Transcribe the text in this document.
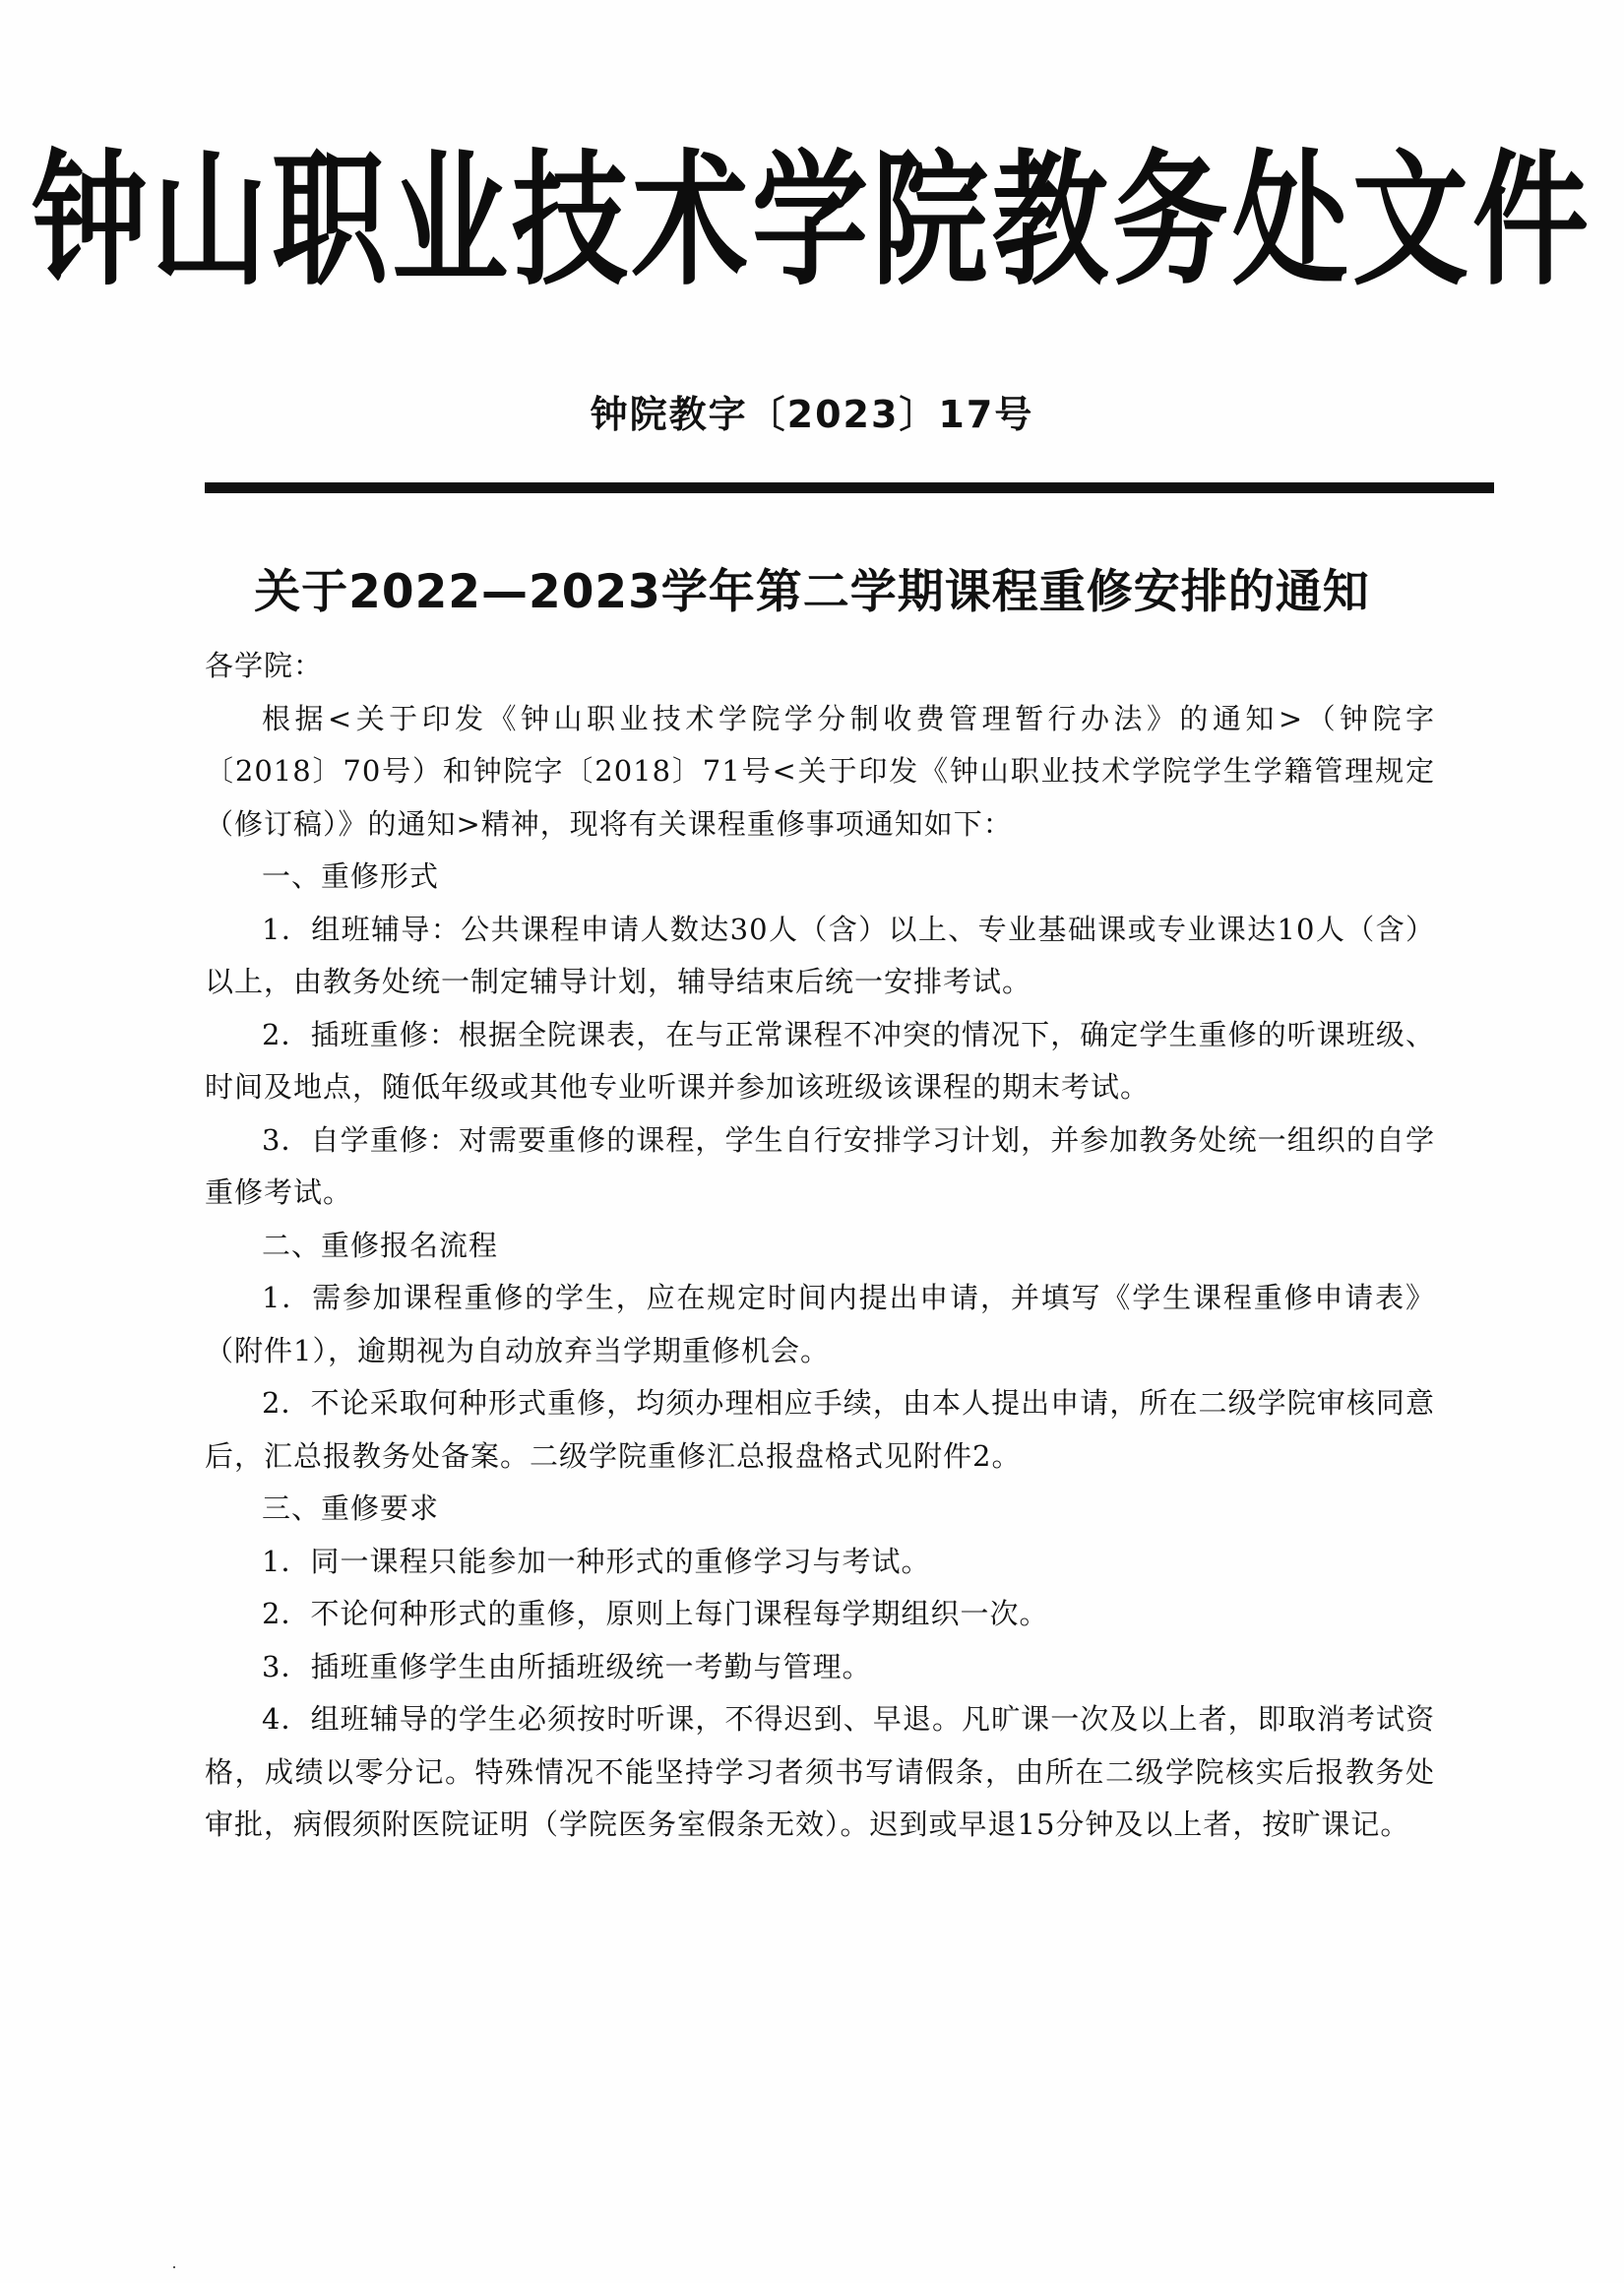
钟山职业技术学院教务处文件
钟院教字〔2023〕17号
关于2022—2023学年第二学期课程重修安排的通知

各学院：

根据<关于印发《钟山职业技术学院学分制收费管理暂行办法》的通知>（钟院字〔2018〕70号）和钟院字〔2018〕71号<关于印发《钟山职业技术学院学生学籍管理规定（修订稿）》的通知>精神，现将有关课程重修事项通知如下：

一、重修形式

1．组班辅导：公共课程申请人数达30人（含）以上、专业基础课或专业课达10人（含）以上，由教务处统一制定辅导计划，辅导结束后统一安排考试。

2．插班重修：根据全院课表，在与正常课程不冲突的情况下，确定学生重修的听课班级、时间及地点，随低年级或其他专业听课并参加该班级该课程的期末考试。

3．自学重修：对需要重修的课程，学生自行安排学习计划，并参加教务处统一组织的自学重修考试。

二、重修报名流程

1．需参加课程重修的学生，应在规定时间内提出申请，并填写《学生课程重修申请表》（附件1），逾期视为自动放弃当学期重修机会。

2．不论采取何种形式重修，均须办理相应手续，由本人提出申请，所在二级学院审核同意后，汇总报教务处备案。二级学院重修汇总报盘格式见附件2。

三、重修要求

1．同一课程只能参加一种形式的重修学习与考试。

2．不论何种形式的重修，原则上每门课程每学期组织一次。

3．插班重修学生由所插班级统一考勤与管理。

4．组班辅导的学生必须按时听课，不得迟到、早退。凡旷课一次及以上者，即取消考试资格，成绩以零分记。特殊情况不能坚持学习者须书写请假条，由所在二级学院核实后报教务处审批，病假须附医院证明（学院医务室假条无效）。迟到或早退15分钟及以上者，按旷课记。
